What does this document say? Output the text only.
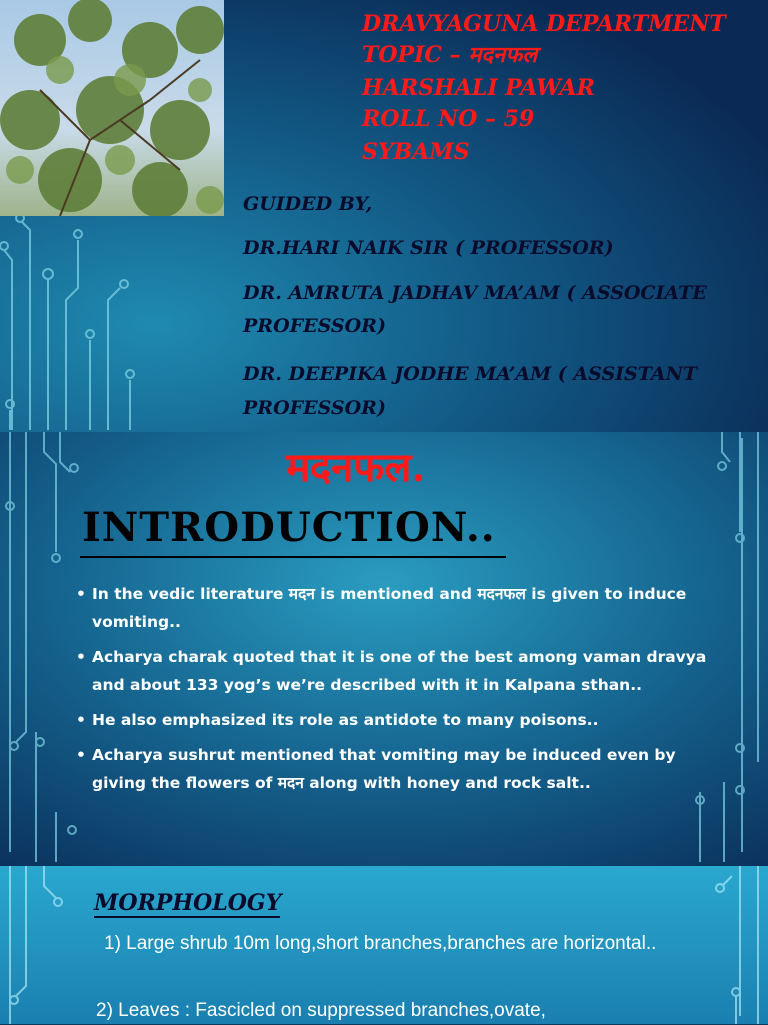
DRAVYAGUNA DEPARTMENT
TOPIC – मदनफल
HARSHALI PAWAR
ROLL NO – 59
SYBAMS
GUIDED BY,
DR.HARI NAIK SIR ( PROFESSOR)
DR. AMRUTA JADHAV MA’AM ( ASSOCIATE
PROFESSOR)
DR. DEEPIKA JODHE MA’AM ( ASSISTANT
PROFESSOR)
मदनफल.
INTRODUCTION..
• In the vedic literature मदन is mentioned and मदनफल is given to induce vomiting..
• Acharya charak quoted that it is one of the best among vaman dravya and about 133 yog’s we’re described with it in Kalpana sthan..
• He also emphasized its role as antidote to many poisons..
• Acharya sushrut mentioned that vomiting may be induced even by giving the flowers of मदन along with honey and rock salt..
MORPHOLOGY
1) Large shrub 10m long,short branches,branches are horizontal..
2) Leaves : Fascicled on suppressed branches,ovate,
